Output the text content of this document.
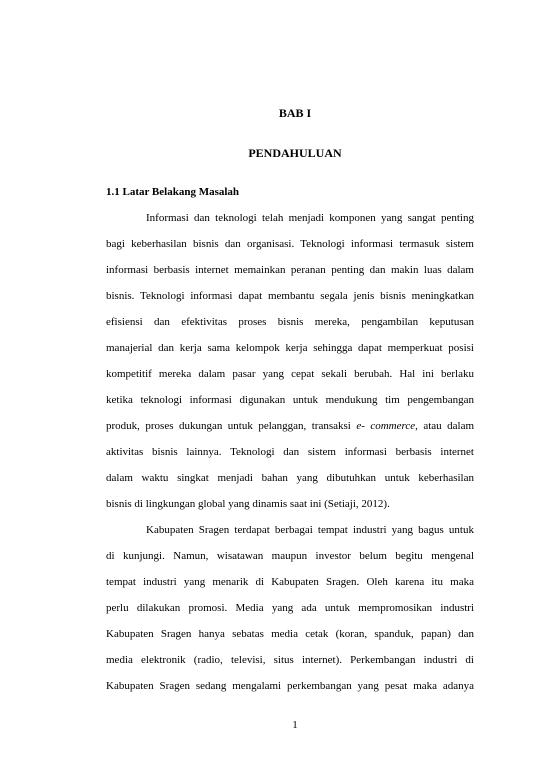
BAB I
PENDAHULUAN
1.1 Latar Belakang Masalah
Informasi dan teknologi telah menjadi komponen yang sangat penting
bagi keberhasilan bisnis dan organisasi. Teknologi informasi termasuk sistem
informasi berbasis internet memainkan peranan penting dan makin luas dalam
bisnis. Teknologi informasi dapat membantu segala jenis bisnis meningkatkan
efisiensi dan efektivitas proses bisnis mereka, pengambilan keputusan
manajerial dan kerja sama kelompok kerja sehingga dapat memperkuat posisi
kompetitif mereka dalam pasar yang cepat sekali berubah. Hal ini berlaku
ketika teknologi informasi digunakan untuk mendukung tim pengembangan
produk, proses dukungan untuk pelanggan, transaksi e- commerce, atau dalam
aktivitas bisnis lainnya. Teknologi dan sistem informasi berbasis internet
dalam waktu singkat menjadi bahan yang dibutuhkan untuk keberhasilan
bisnis di lingkungan global yang dinamis saat ini (Setiaji, 2012).
Kabupaten Sragen terdapat berbagai tempat industri yang bagus untuk
di kunjungi. Namun, wisatawan maupun investor belum begitu mengenal
tempat industri yang menarik di Kabupaten Sragen. Oleh karena itu maka
perlu dilakukan promosi. Media yang ada untuk mempromosikan industri
Kabupaten Sragen hanya sebatas media cetak (koran, spanduk, papan) dan
media elektronik (radio, televisi, situs internet). Perkembangan industri di
Kabupaten Sragen sedang mengalami perkembangan yang pesat maka adanya
1
